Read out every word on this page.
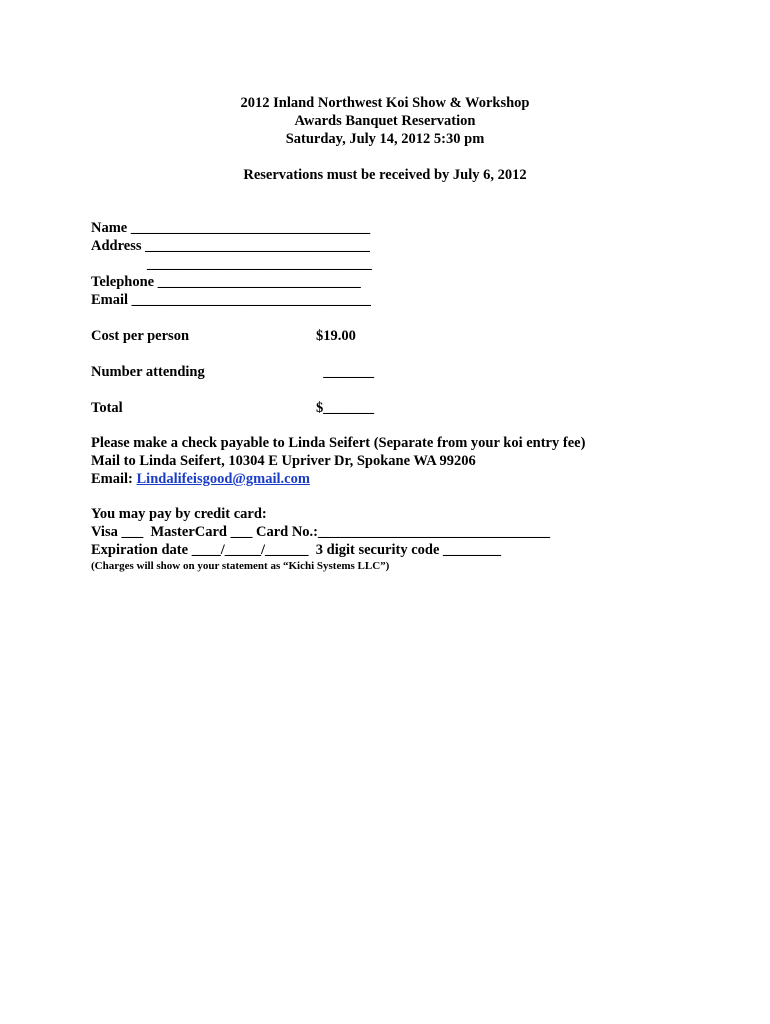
2012 Inland Northwest Koi Show & Workshop
Awards Banquet Reservation
Saturday, July 14, 2012 5:30 pm
Reservations must be received by July 6, 2012
Name _________________________________
Address _______________________________
_______________________________
Telephone ____________________________
Email _________________________________
Cost per person	$19.00
Number attending	_______
Total	$_______
Please make a check payable to Linda Seifert (Separate from your koi entry fee)
Mail to Linda Seifert, 10304 E Upriver Dr, Spokane WA 99206
Email: Lindalifeisgood@gmail.com
You may pay by credit card:
Visa ___  MasterCard ___ Card No.:________________________________
Expiration date ____/_____/______  3 digit security code ________
(Charges will show on your statement as “Kichi Systems LLC”)
